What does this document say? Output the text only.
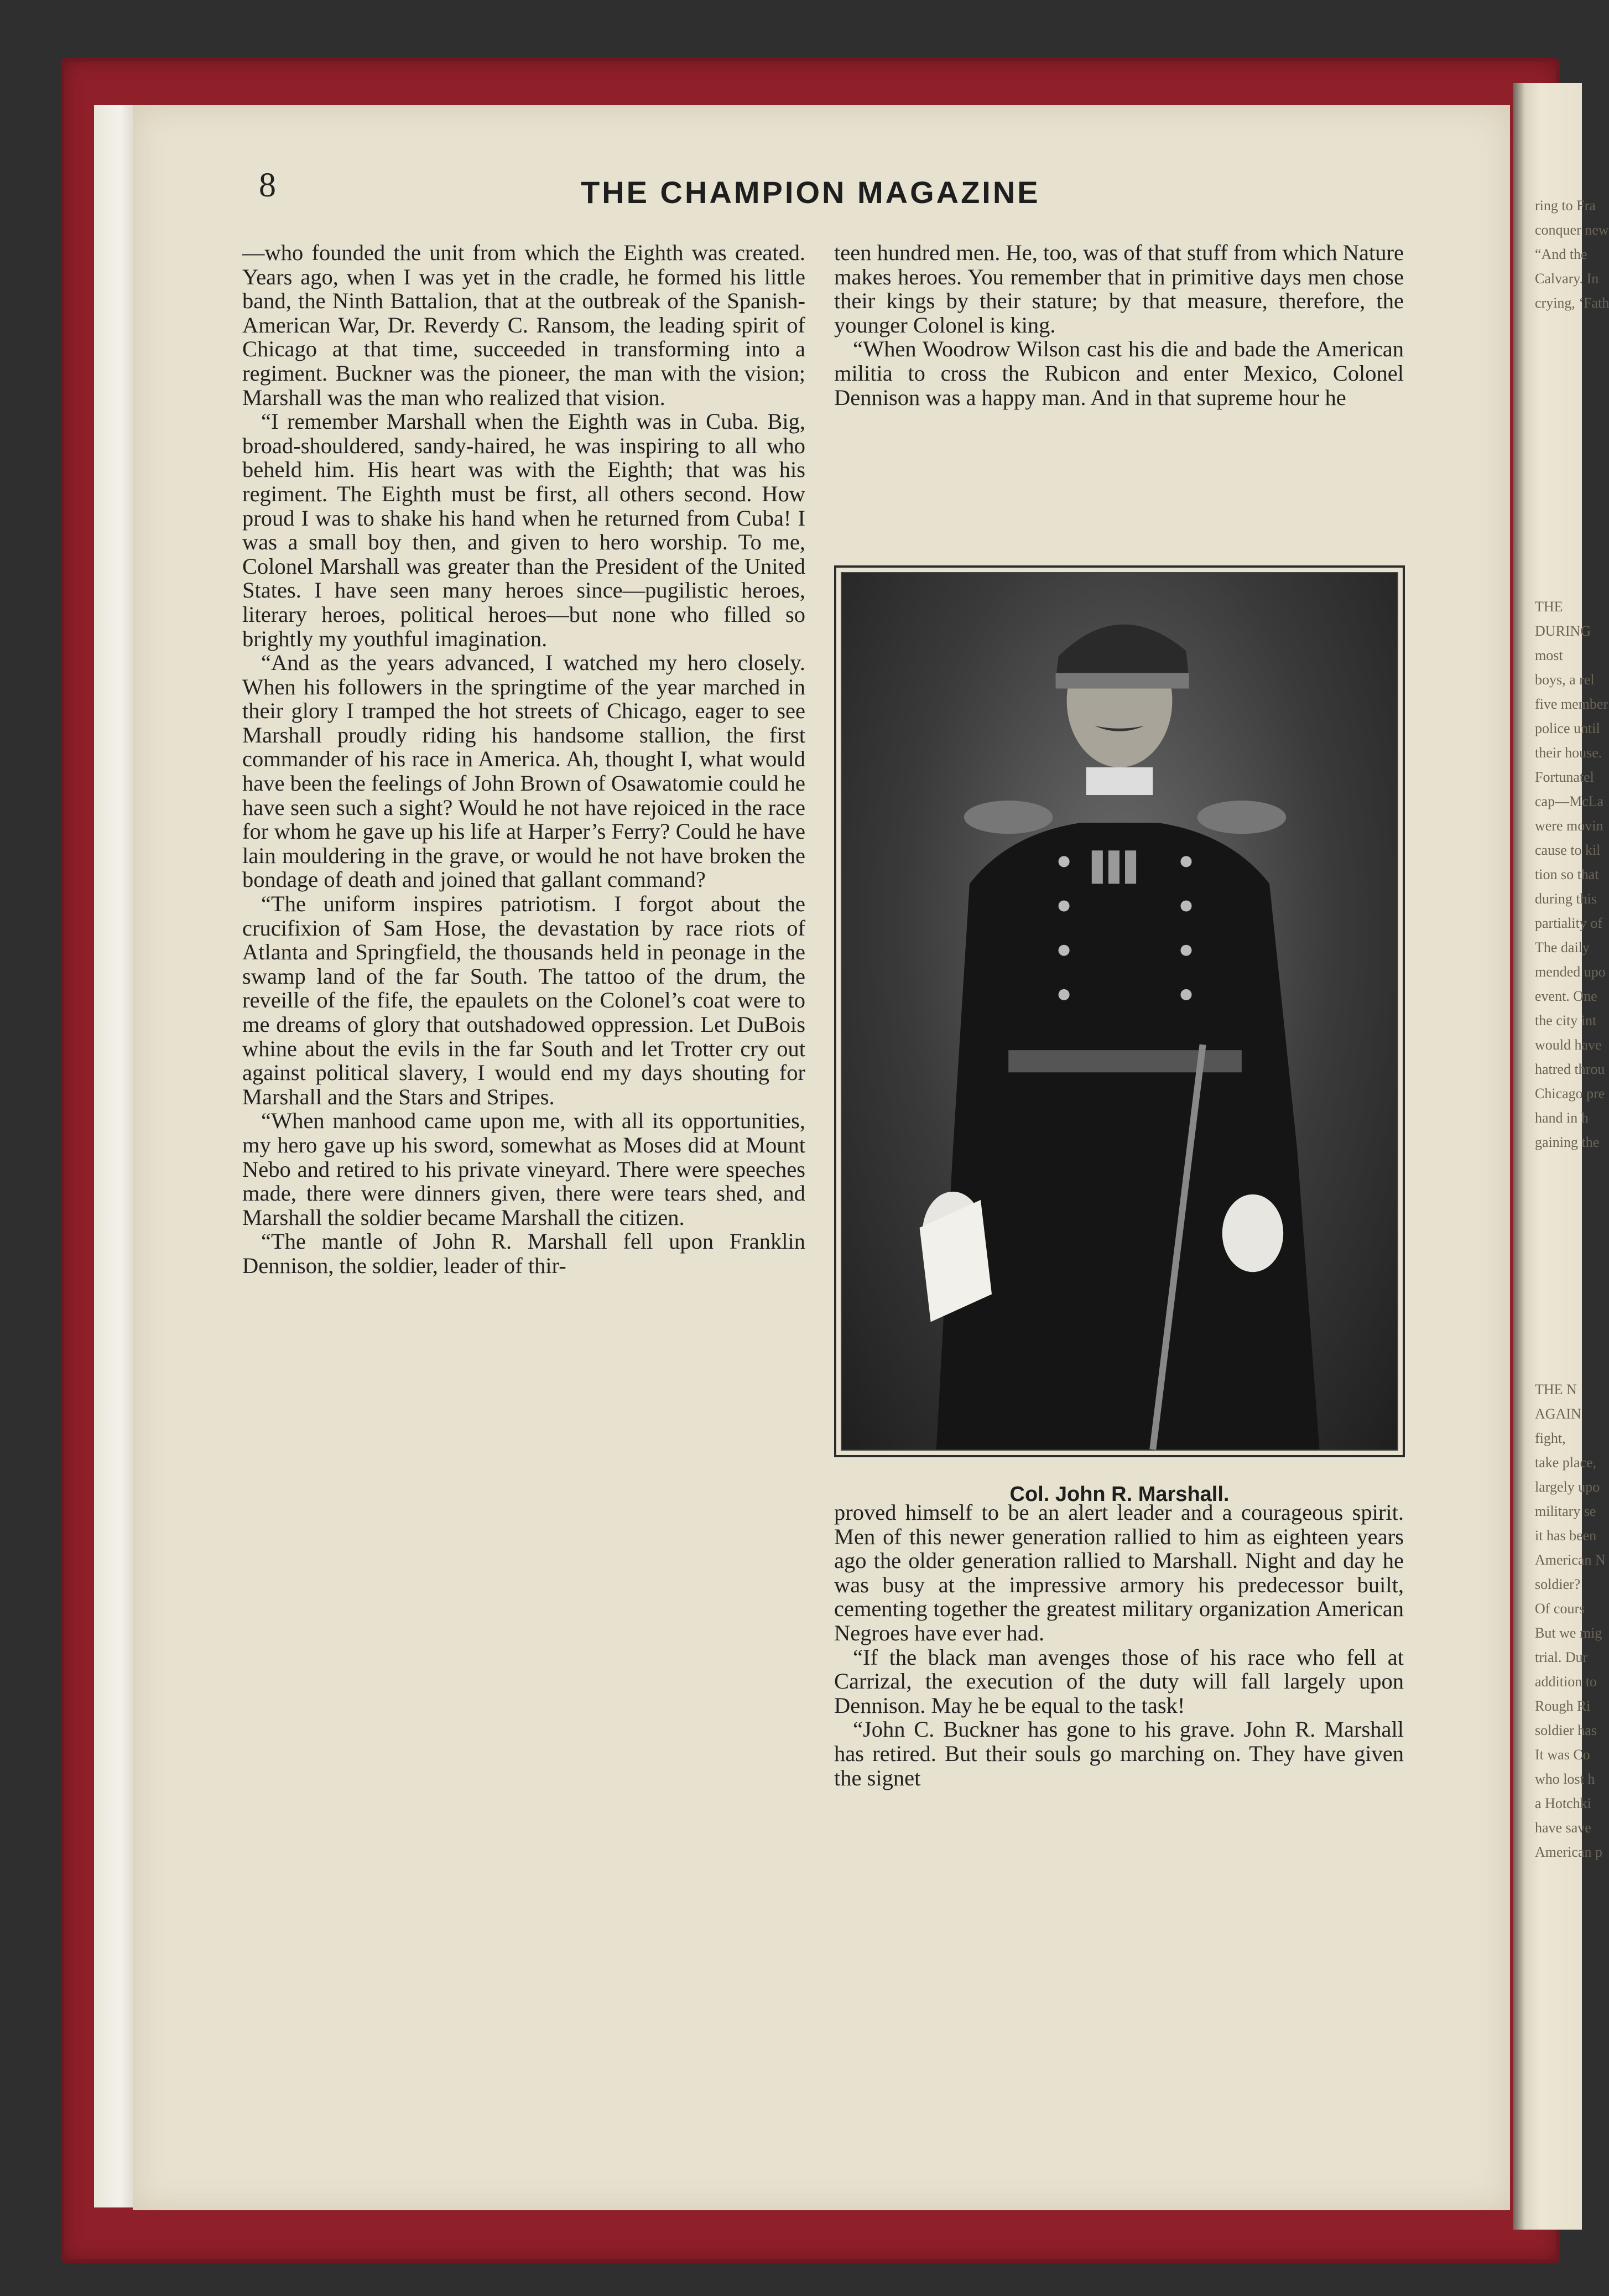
8	THE CHAMPION MAGAZINE

—who founded the unit from which the Eighth was created. Years ago, when I was yet in the cradle, he formed his little band, the Ninth Battalion, that at the outbreak of the Spanish-American War, Dr. Reverdy C. Ransom, the leading spirit of Chicago at that time, succeeded in transforming into a regiment. Buckner was the pioneer, the man with the vision; Marshall was the man who realized that vision.

“I remember Marshall when the Eighth was in Cuba. Big, broad-shouldered, sandy-haired, he was inspiring to all who beheld him. His heart was with the Eighth; that was his regiment. The Eighth must be first, all others second. How proud I was to shake his hand when he returned from Cuba! I was a small boy then, and given to hero worship. To me, Colonel Marshall was greater than the President of the United States. I have seen many heroes since—pugilistic heroes, literary heroes, political heroes—but none who filled so brightly my youthful imagination.

“And as the years advanced, I watched my hero closely. When his followers in the springtime of the year marched in their glory I tramped the hot streets of Chicago, eager to see Marshall proudly riding his handsome stallion, the first commander of his race in America. Ah, thought I, what would have been the feelings of John Brown of Osawatomie could he have seen such a sight? Would he not have rejoiced in the race for whom he gave up his life at Harper’s Ferry? Could he have lain mouldering in the grave, or would he not have broken the bondage of death and joined that gallant command?

“The uniform inspires patriotism. I forgot about the crucifixion of Sam Hose, the devastation by race riots of Atlanta and Springfield, the thousands held in peonage in the swamp land of the far South. The tattoo of the drum, the reveille of the fife, the epaulets on the Colonel’s coat were to me dreams of glory that outshadowed oppression. Let DuBois whine about the evils in the far South and let Trotter cry out against political slavery, I would end my days shouting for Marshall and the Stars and Stripes.

“When manhood came upon me, with all its opportunities, my hero gave up his sword, somewhat as Moses did at Mount Nebo and retired to his private vineyard. There were speeches made, there were dinners given, there were tears shed, and Marshall the soldier became Marshall the citizen.

“The mantle of John R. Marshall fell upon Franklin Dennison, the soldier, leader of thir-

teen hundred men. He, too, was of that stuff from which Nature makes heroes. You remember that in primitive days men chose their kings by their stature; by that measure, therefore, the younger Colonel is king.

“When Woodrow Wilson cast his die and bade the American militia to cross the Rubicon and enter Mexico, Colonel Dennison was a happy man. And in that supreme hour he

Col. John R. Marshall.

proved himself to be an alert leader and a courageous spirit. Men of this newer generation rallied to him as eighteen years ago the older generation rallied to Marshall. Night and day he was busy at the impressive armory his predecessor built, cementing together the greatest military organization American Negroes have ever had.

“If the black man avenges those of his race who fell at Carrizal, the execution of the duty will fall largely upon Dennison. May he be equal to the task!

“John C. Buckner has gone to his grave. John R. Marshall has retired. But their souls go marching on. They have given the signet

ring to Fra
conquer new
“And the
Calvary. In
crying, ‘Fath
THE
DURING
most
boys, a rel
five member
police until
their house.
Fortunatel
cap—McLa
were movin
cause to kil
tion so that
during this
partiality of
The daily
mended upo
event. One
the city int
would have
hatred throu
Chicago pre
hand in h
gaining the
THE N
AGAIN
fight,
take place,
largely upo
military se
it has been
American N
soldier?
Of cours
But we mig
trial. Dur
addition to
Rough Ri
soldier has
It was Co
who lost h
a Hotchki
have save
American p
